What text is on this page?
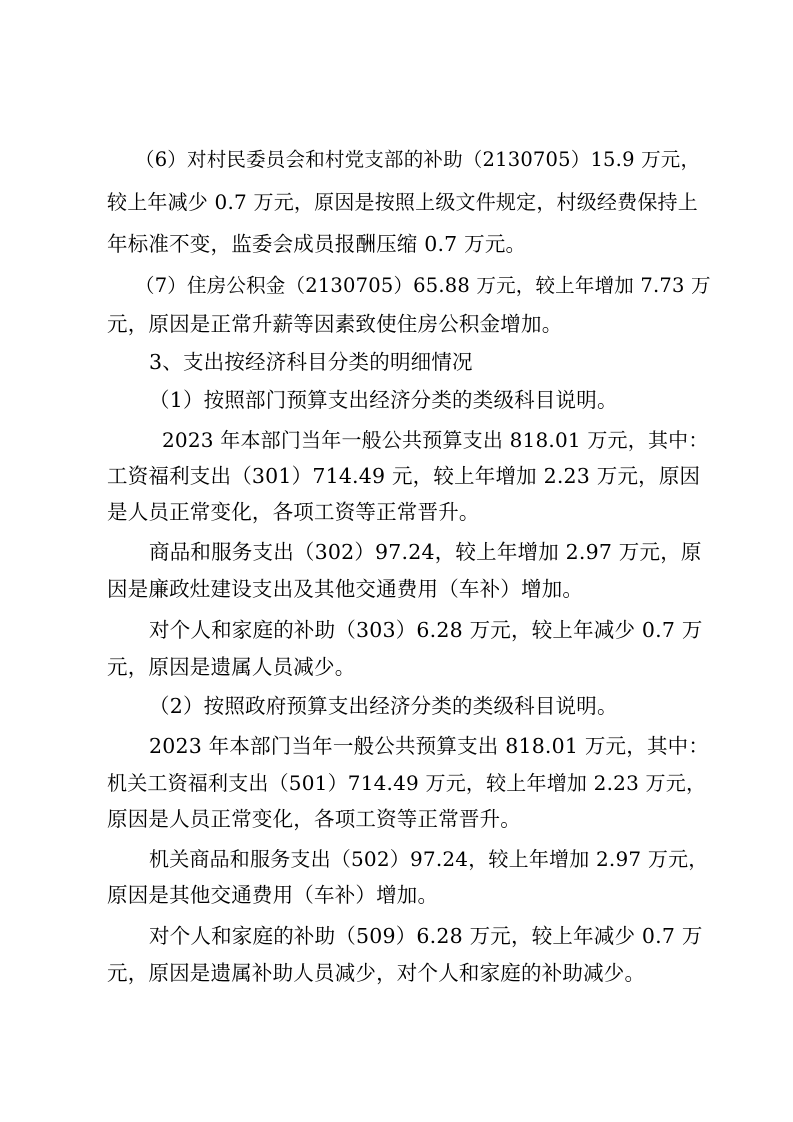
（6）对村民委员会和村党支部的补助（2130705）15.9 万元，
较上年减少 0.7 万元，原因是按照上级文件规定，村级经费保持上
年标准不变，监委会成员报酬压缩 0.7 万元。
（7）住房公积金（2130705）65.88 万元，较上年增加 7.73 万
元，原因是正常升薪等因素致使住房公积金增加。
3、支出按经济科目分类的明细情况
（1）按照部门预算支出经济分类的类级科目说明。
2023 年本部门当年一般公共预算支出 818.01 万元，其中：
工资福利支出（301）714.49 元，较上年增加 2.23 万元，原因
是人员正常变化，各项工资等正常晋升。
商品和服务支出（302）97.24，较上年增加 2.97 万元，原
因是廉政灶建设支出及其他交通费用（车补）增加。
对个人和家庭的补助（303）6.28 万元，较上年减少 0.7 万
元，原因是遗属人员减少。
（2）按照政府预算支出经济分类的类级科目说明。
2023 年本部门当年一般公共预算支出 818.01 万元，其中：
机关工资福利支出（501）714.49 万元，较上年增加 2.23 万元，
原因是人员正常变化，各项工资等正常晋升。
机关商品和服务支出（502）97.24，较上年增加 2.97 万元，
原因是其他交通费用（车补）增加。
对个人和家庭的补助（509）6.28 万元，较上年减少 0.7 万
元，原因是遗属补助人员减少，对个人和家庭的补助减少。
